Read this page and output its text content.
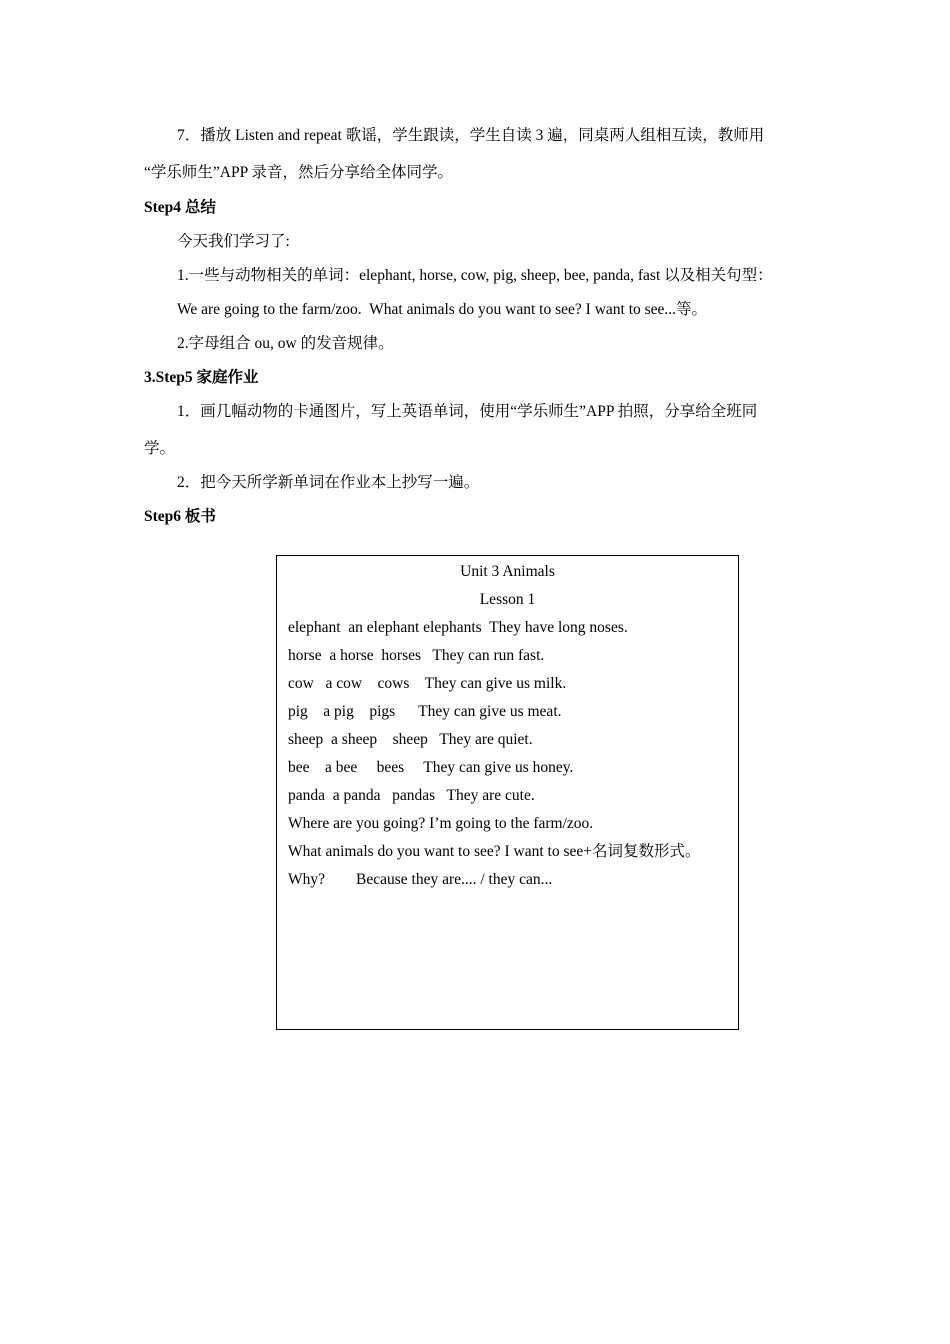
7．播放 Listen and repeat 歌谣，学生跟读，学生自读 3 遍，同桌两人组相互读，教师用
“学乐师生”APP 录音，然后分享给全体同学。
Step4 总结
今天我们学习了:
1.一些与动物相关的单词：elephant, horse, cow, pig, sheep, bee, panda, fast 以及相关句型：
We are going to the farm/zoo.  What animals do you want to see? I want to see...等。
2.字母组合 ou, ow 的发音规律。
3.Step5 家庭作业
1．画几幅动物的卡通图片，写上英语单词，使用“学乐师生”APP 拍照，分享给全班同
学。
2．把今天所学新单词在作业本上抄写一遍。
Step6 板书
Unit 3 Animals
Lesson 1
elephant  an elephant elephants  They have long noses.
horse  a horse  horses   They can run fast.
cow   a cow    cows    They can give us milk.
pig    a pig    pigs      They can give us meat.
sheep  a sheep    sheep   They are quiet.
bee    a bee     bees     They can give us honey.
panda  a panda   pandas   They are cute.
Where are you going? I’m going to the farm/zoo.
What animals do you want to see? I want to see+名词复数形式。
Why?        Because they are.... / they can...
